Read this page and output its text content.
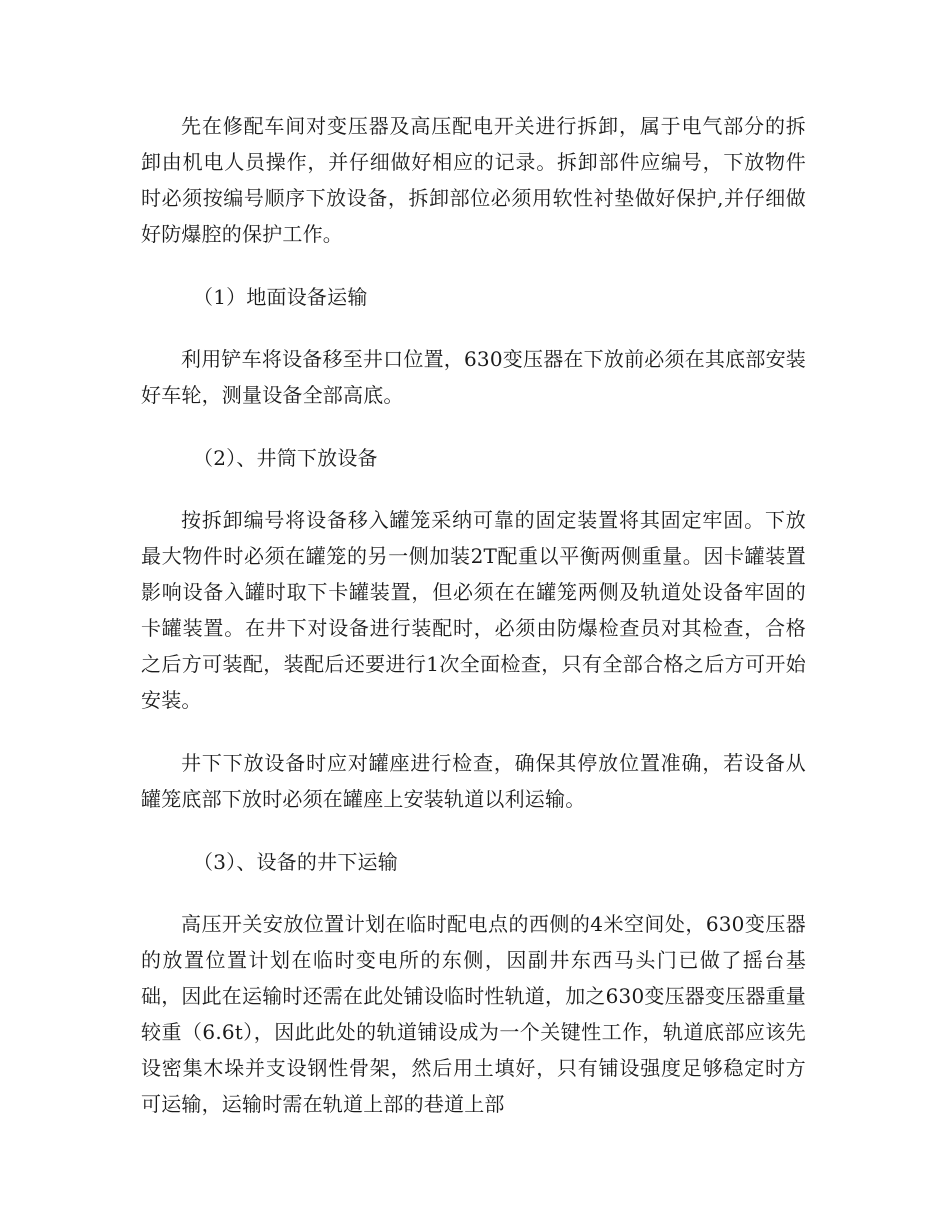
先在修配车间对变压器及高压配电开关进行拆卸，属于电气部分的拆卸由机电人员操作，并仔细做好相应的记录。拆卸部件应编号，下放物件时必须按编号顺序下放设备，拆卸部位必须用软性衬垫做好保护,并仔细做好防爆腔的保护工作。

（1）地面设备运输

利用铲车将设备移至井口位置，630变压器在下放前必须在其底部安装好车轮，测量设备全部高底。

（2）、井筒下放设备

按拆卸编号将设备移入罐笼采纳可靠的固定装置将其固定牢固。下放最大物件时必须在罐笼的另一侧加装2T配重以平衡两侧重量。因卡罐装置影响设备入罐时取下卡罐装置，但必须在在罐笼两侧及轨道处设备牢固的卡罐装置。在井下对设备进行装配时，必须由防爆检查员对其检查，合格之后方可装配，装配后还要进行1次全面检查，只有全部合格之后方可开始安装。

井下下放设备时应对罐座进行检查，确保其停放位置准确，若设备从罐笼底部下放时必须在罐座上安装轨道以利运输。

（3）、设备的井下运输

高压开关安放位置计划在临时配电点的西侧的4米空间处，630变压器的放置位置计划在临时变电所的东侧，因副井东西马头门已做了摇台基础，因此在运输时还需在此处铺设临时性轨道，加之630变压器变压器重量较重（6.6t），因此此处的轨道铺设成为一个关键性工作，轨道底部应该先设密集木垛并支设钢性骨架，然后用土填好，只有铺设强度足够稳定时方可运输，运输时需在轨道上部的巷道上部
